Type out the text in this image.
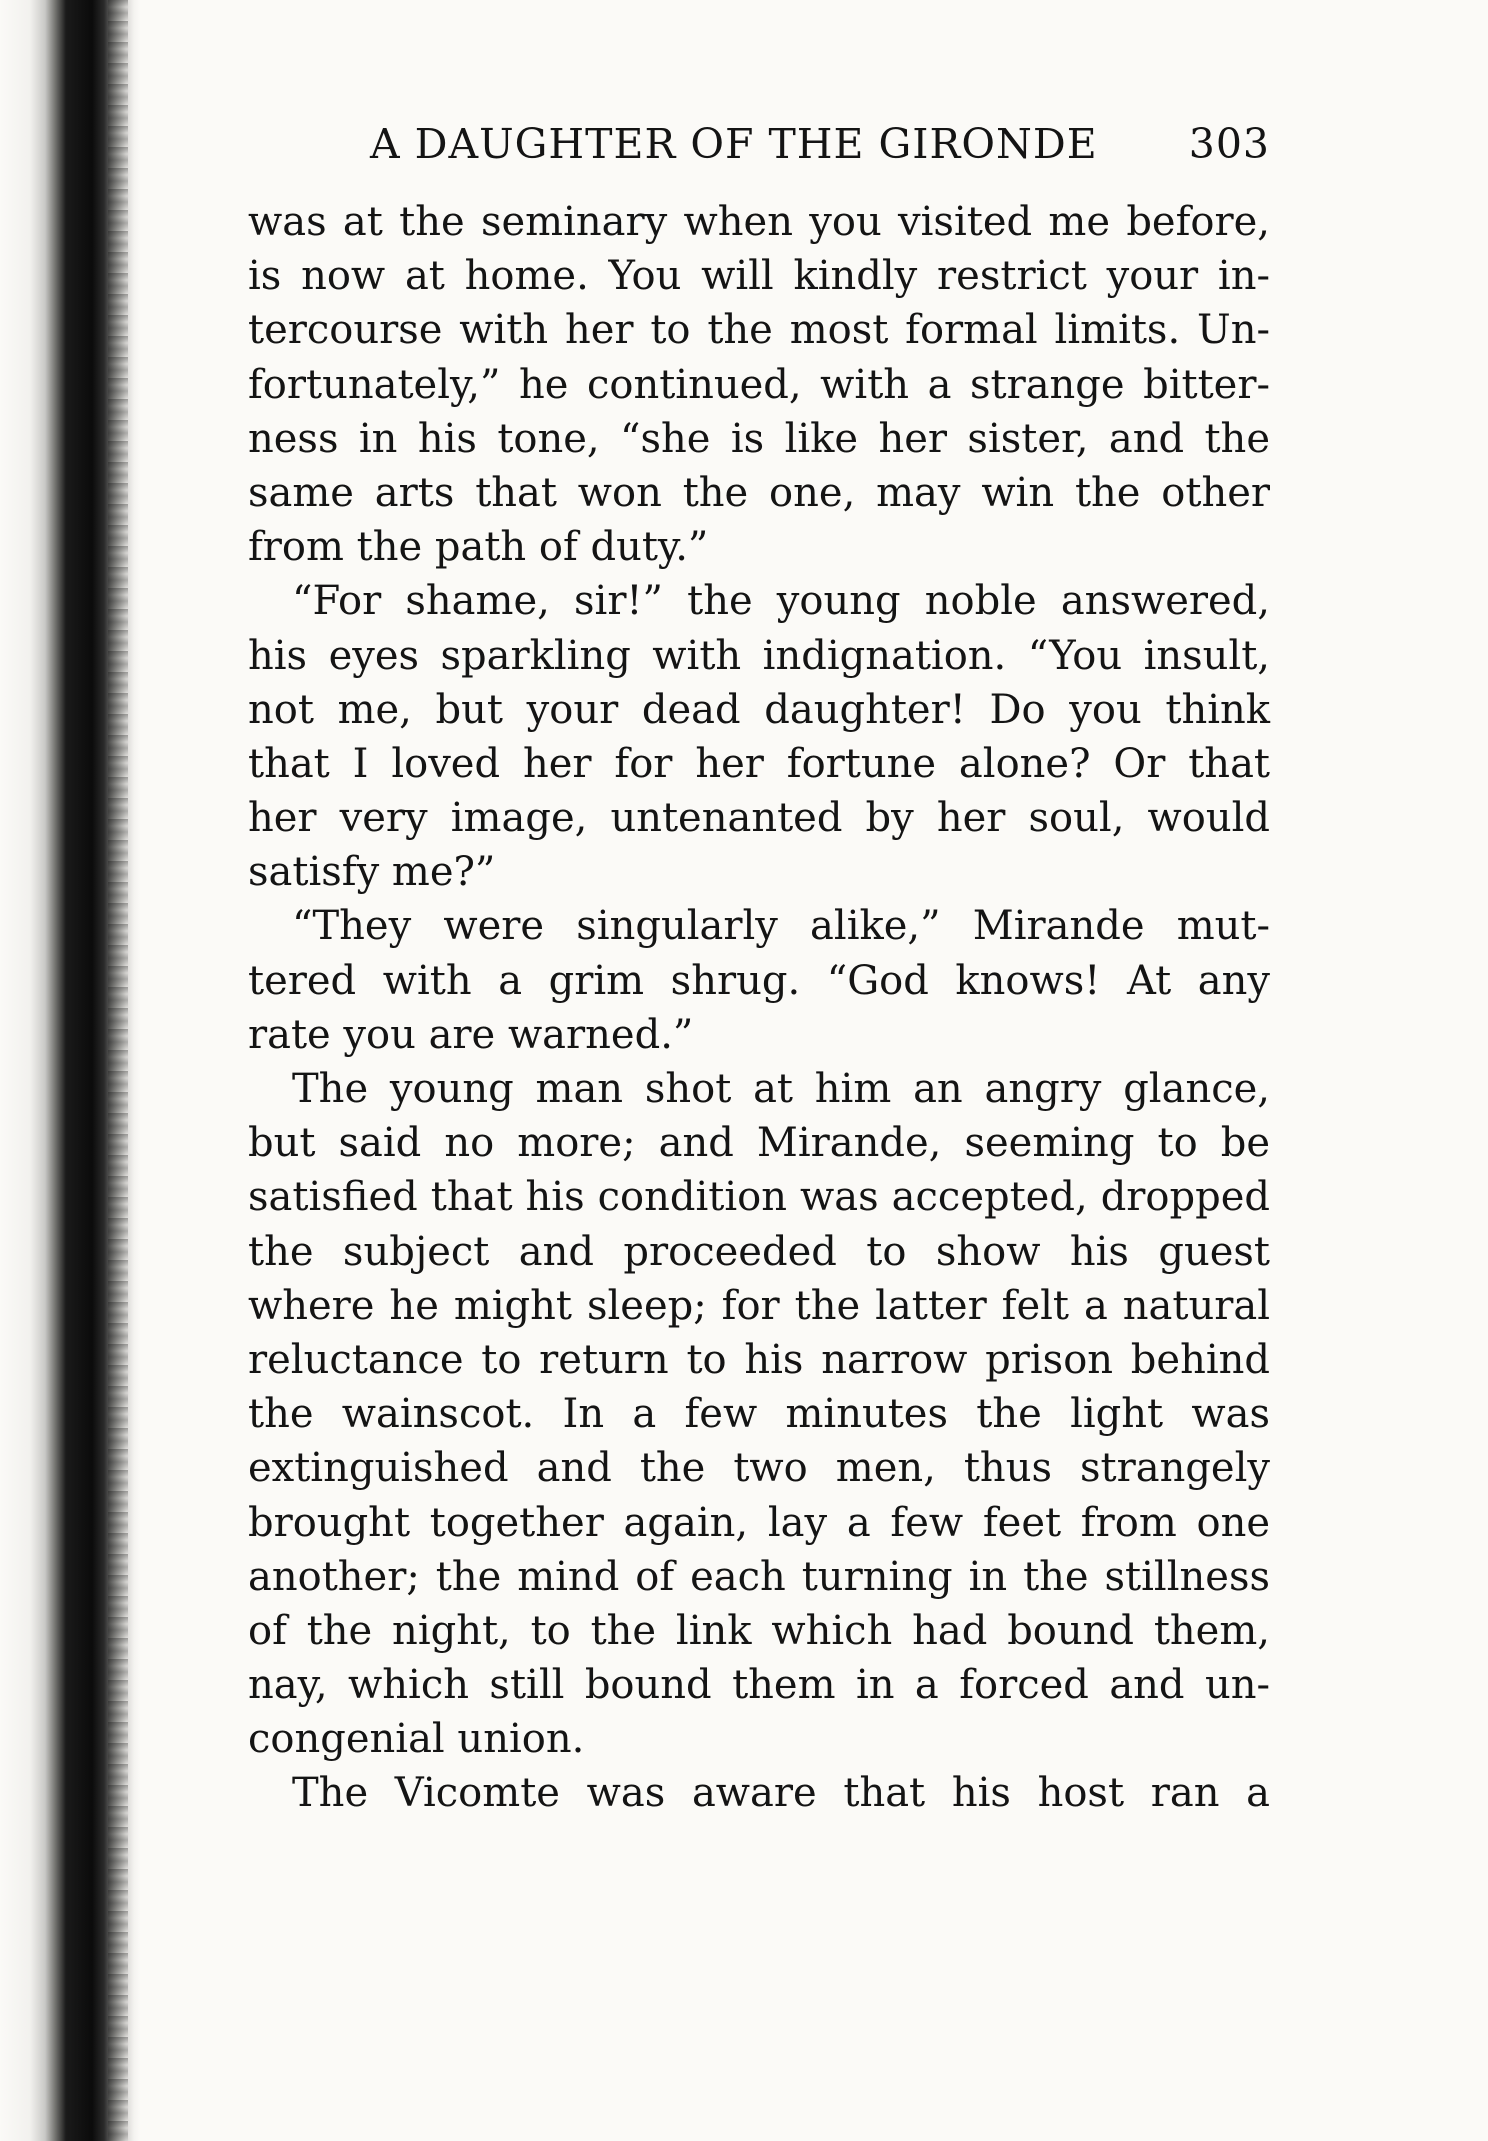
A DAUGHTER OF THE GIRONDE 303
was at the seminary when you visited me before,
is now at home. You will kindly restrict your in-
tercourse with her to the most formal limits. Un-
fortunately,” he continued, with a strange bitter-
ness in his tone, “she is like her sister, and the
same arts that won the one, may win the other
from the path of duty.”
“For shame, sir!” the young noble answered,
his eyes sparkling with indignation. “You insult,
not me, but your dead daughter! Do you think
that I loved her for her fortune alone? Or that
her very image, untenanted by her soul, would
satisfy me?”
“They were singularly alike,” Mirande mut-
tered with a grim shrug. “God knows! At any
rate you are warned.”
The young man shot at him an angry glance,
but said no more; and Mirande, seeming to be
satisfied that his condition was accepted, dropped
the subject and proceeded to show his guest
where he might sleep; for the latter felt a natural
reluctance to return to his narrow prison behind
the wainscot. In a few minutes the light was
extinguished and the two men, thus strangely
brought together again, lay a few feet from one
another; the mind of each turning in the stillness
of the night, to the link which had bound them,
nay, which still bound them in a forced and un-
congenial union.
The Vicomte was aware that his host ran a
